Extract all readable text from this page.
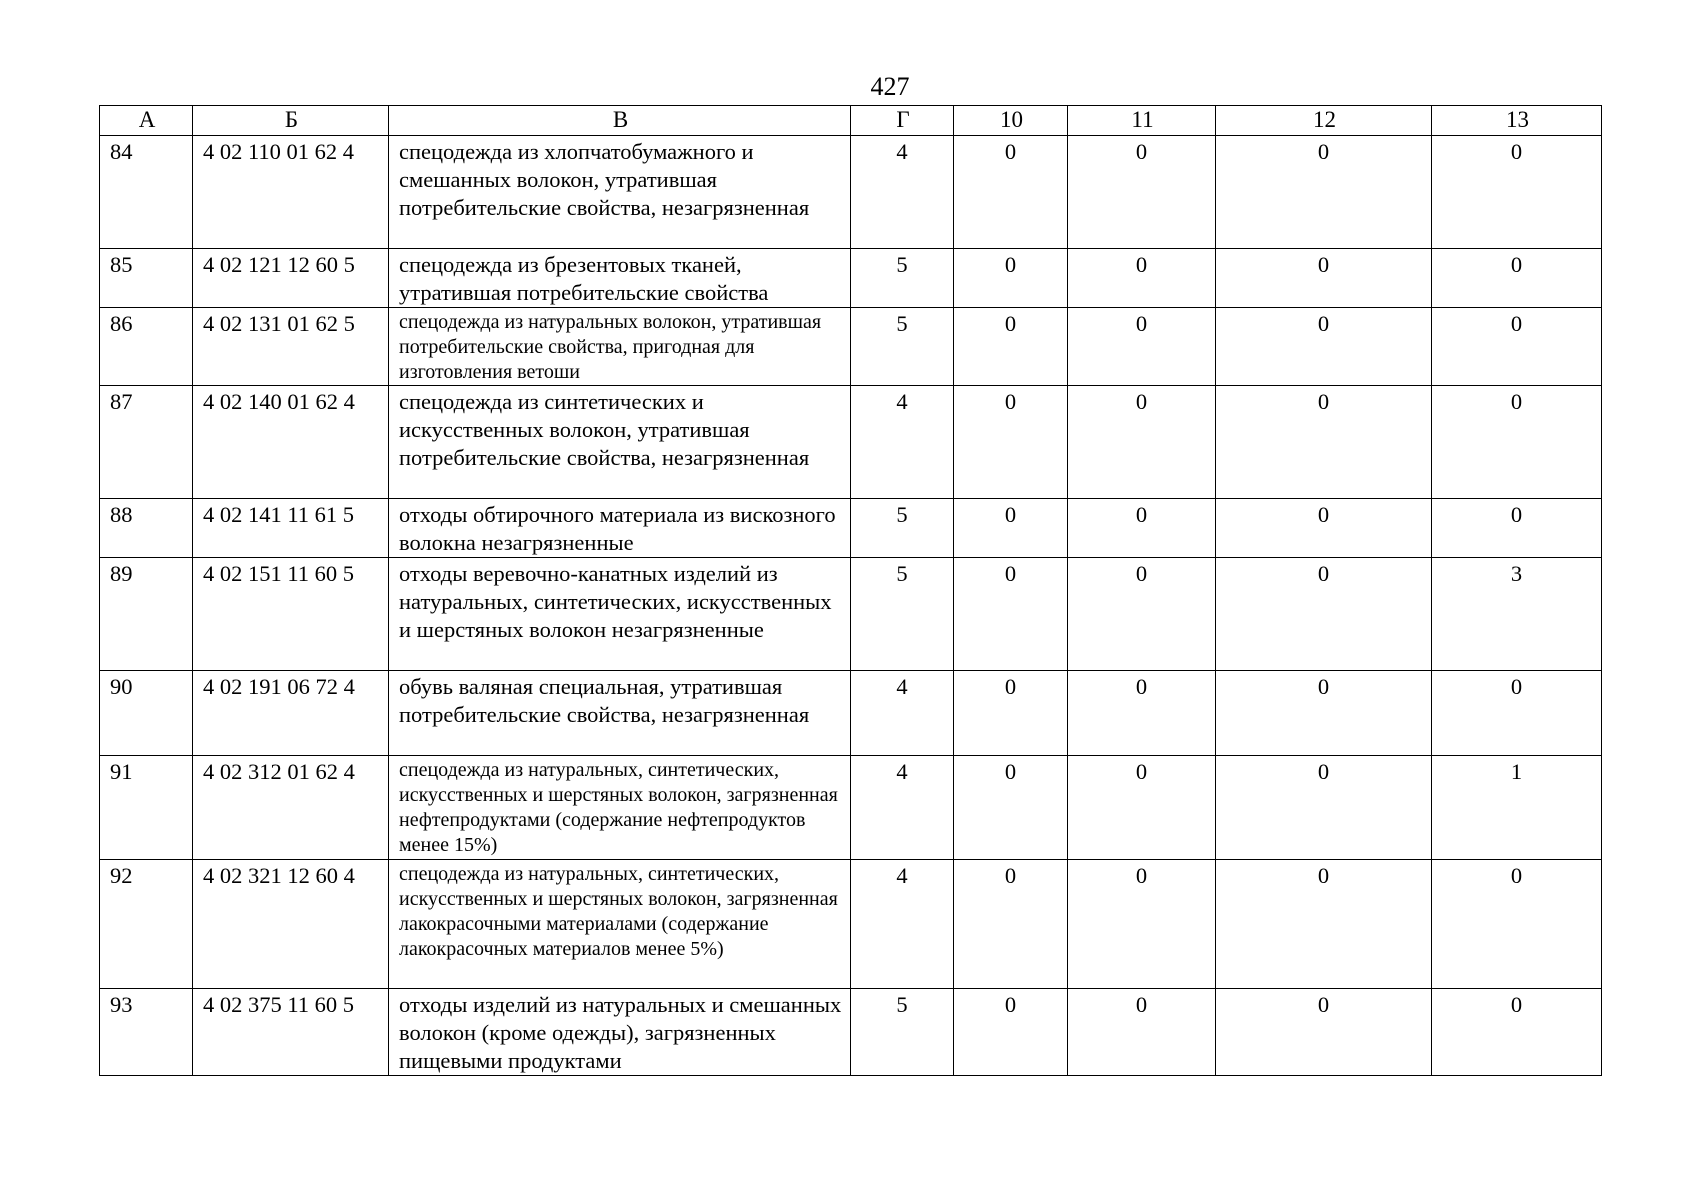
427
А	Б	В	Г	10	11	12	13
84	4 02 110 01 62 4	спецодежда из хлопчатобумажного и смешанных волокон, утратившая потребительские свойства, незагрязненная	4	0	0	0	0
85	4 02 121 12 60 5	спецодежда из брезентовых тканей, утратившая потребительские свойства	5	0	0	0	0
86	4 02 131 01 62 5	спецодежда из натуральных волокон, утратившая потребительские свойства, пригодная для изготовления ветоши	5	0	0	0	0
87	4 02 140 01 62 4	спецодежда из синтетических и искусственных волокон, утратившая потребительские свойства, незагрязненная	4	0	0	0	0
88	4 02 141 11 61 5	отходы обтирочного материала из вискозного волокна незагрязненные	5	0	0	0	0
89	4 02 151 11 60 5	отходы веревочно-канатных изделий из натуральных, синтетических, искусственных и шерстяных волокон незагрязненные	5	0	0	0	3
90	4 02 191 06 72 4	обувь валяная специальная, утратившая потребительские свойства, незагрязненная	4	0	0	0	0
91	4 02 312 01 62 4	спецодежда из натуральных, синтетических, искусственных и шерстяных волокон, загрязненная нефтепродуктами (содержание нефтепродуктов менее 15%)	4	0	0	0	1
92	4 02 321 12 60 4	спецодежда из натуральных, синтетических, искусственных и шерстяных волокон, загрязненная лакокрасочными материалами (содержание лакокрасочных материалов менее 5%)	4	0	0	0	0
93	4 02 375 11 60 5	отходы изделий из натуральных и смешанных волокон (кроме одежды), загрязненных пищевыми продуктами	5	0	0	0	0
